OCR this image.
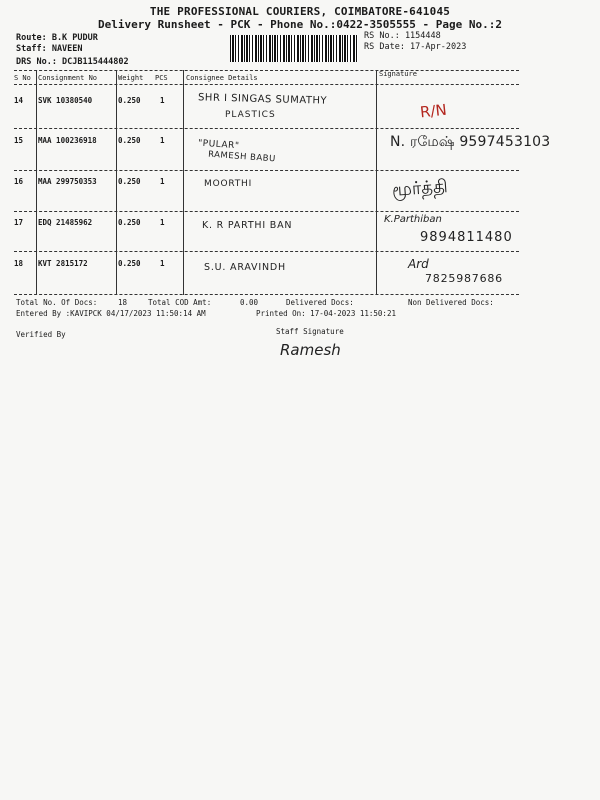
THE PROFESSIONAL COURIERS, COIMBATORE-641045
Delivery Runsheet - PCK - Phone No.:0422-3505555 - Page No.:2
Route: B.K PUDUR
Staff: NAVEEN
DRS No.: DCJB115444802
RS No.: 1154448
RS Date: 17-Apr-2023
S No Consignment No	Weight PCS	Consignee Details	Signature
14 SVK 10380540	0.250	1	SHR I SINGAS SUMATHY
PLASTICS	R/N
15 MAA 100236918	0.250	1	"PULAR"
RAMESH BABU
N. ரமேஷ் 9597453103
16 MAA 299750353	0.250	1	MOORTHI	மூர்த்தி
17 EDQ 21485962	0.250	1	K. R PARTHI BAN
K.Parthiban
9894811480
18 KVT 2815172	0.250	1	S.U. ARAVINDH	Ard
7825987686
Total No. Of Docs:	18	Total COD Amt:	0.00	Delivered Docs:	Non Delivered Docs:
Entered By :KAVIPCK 04/17/2023 11:50:14 AM	Printed On: 17-04-2023 11:50:21
Verified By	Staff Signature
Ramesh
